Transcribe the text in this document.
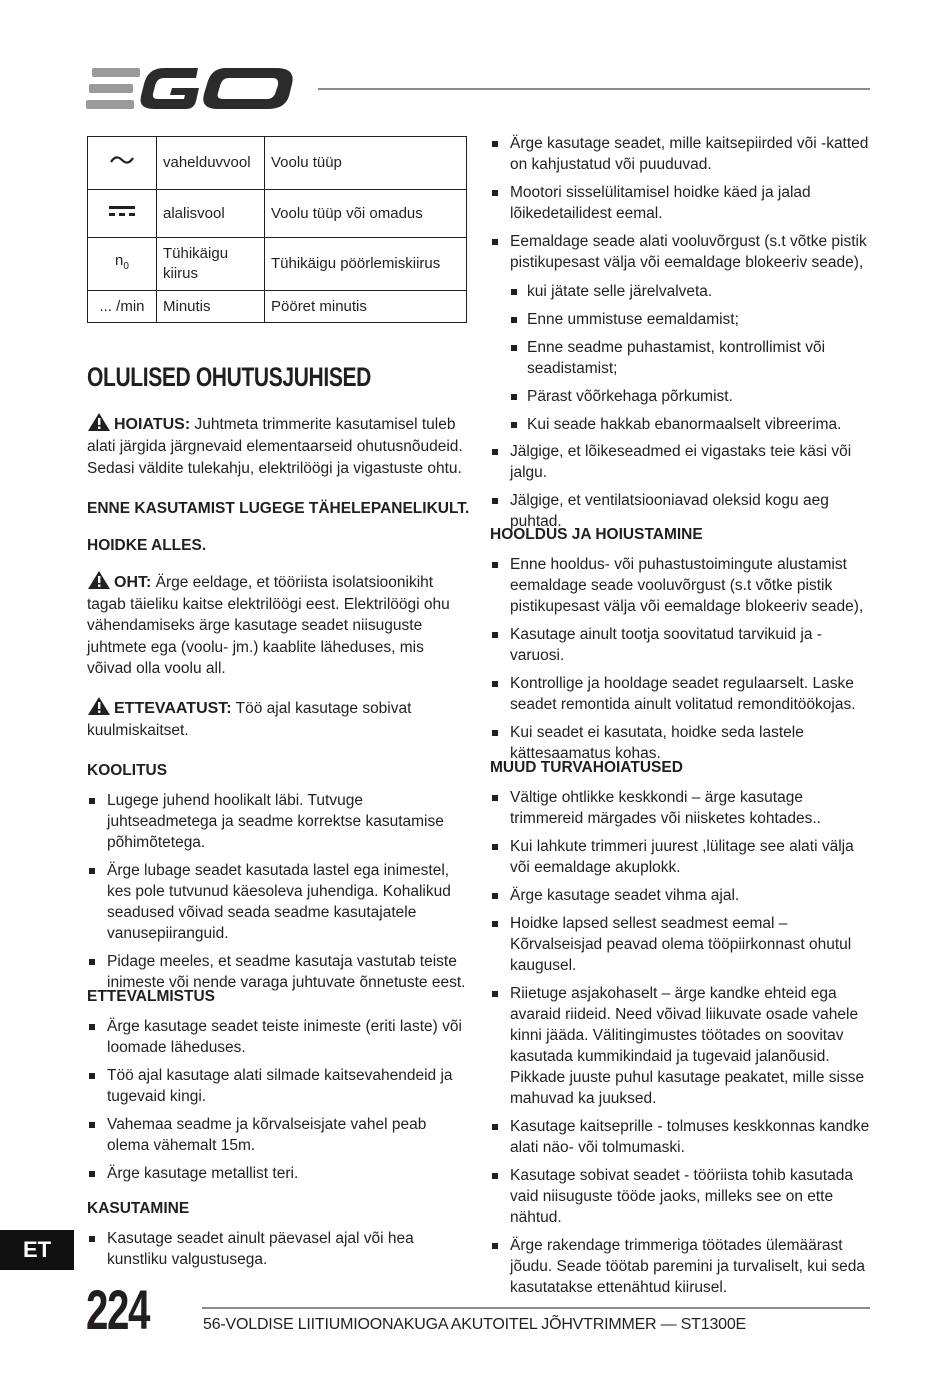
	vahelduvvool	Voolu tüüp
	alalisvool	Voolu tüüp või omadus
$n_0$	Tühikäigu kiirus	Tühikäigu pöörlemiskiirus
... /min	Minutis	Pööret minutis
OLULISED OHUTUSJUHISED
HOIATUS: Juhtmeta trimmerite kasutamisel tuleb alati järgida järgnevaid elementaarseid ohutusnõudeid. Sedasi väldite tulekahju, elektrilöögi ja vigastuste ohtu.
ENNE KASUTAMIST LUGEGE TÄHELEPANELIKULT.
HOIDKE ALLES.
OHT: Ärge eeldage, et tööriista isolatsioonikiht tagab täieliku kaitse elektrilöögi eest. Elektrilöögi ohu vähendamiseks ärge kasutage seadet niisuguste juhtmete ega (voolu- jm.) kaablite läheduses, mis võivad olla voolu all.
ETTEVAATUST: Töö ajal kasutage sobivat kuulmiskaitset.
KOOLITUS
Lugege juhend hoolikalt läbi. Tutvuge juhtseadmetega ja seadme korrektse kasutamise põhimõtetega.
Ärge lubage seadet kasutada lastel ega inimestel, kes pole tutvunud käesoleva juhendiga. Kohalikud seadused võivad seada seadme kasutajatele vanusepiiranguid.
Pidage meeles, et seadme kasutaja vastutab teiste inimeste või nende varaga juhtuvate õnnetuste eest.
ETTEVALMISTUS
Ärge kasutage seadet teiste inimeste (eriti laste) või loomade läheduses.
Töö ajal kasutage alati silmade kaitsevahendeid ja tugevaid kingi.
Vahemaa seadme ja kõrvalseisjate vahel peab olema vähemalt 15m.
Ärge kasutage metallist teri.
KASUTAMINE
Kasutage seadet ainult päevasel ajal või hea kunstliku valgustusega.
Ärge kasutage seadet, mille kaitsepiirded või -katted on kahjustatud või puuduvad.
Mootori sisselülitamisel hoidke käed ja jalad lõikedetailidest eemal.
Eemaldage seade alati vooluvõrgust (s.t võtke pistik pistikupesast välja või eemaldage blokeeriv seade),
kui jätate selle järelvalveta.
Enne ummistuse eemaldamist;
Enne seadme puhastamist, kontrollimist või seadistamist;
Pärast võõrkehaga põrkumist.
Kui seade hakkab ebanormaalselt vibreerima.
Jälgige, et lõikeseadmed ei vigastaks teie käsi või jalgu.
Jälgige, et ventilatsiooniavad oleksid kogu aeg puhtad.
HOOLDUS JA HOIUSTAMINE
Enne hooldus- või puhastustoimingute alustamist eemaldage seade vooluvõrgust (s.t võtke pistik pistikupesast välja või eemaldage blokeeriv seade),
Kasutage ainult tootja soovitatud tarvikuid ja -varuosi.
Kontrollige ja hooldage seadet regulaarselt. Laske seadet remontida ainult volitatud remonditöökojas.
Kui seadet ei kasutata, hoidke seda lastele kättesaamatus kohas.
MUUD TURVAHOIATUSED
Vältige ohtlikke keskkondi – ärge kasutage trimmereid märgades või niisketes kohtades..
Kui lahkute trimmeri juurest ,lülitage see alati välja või eemaldage akuplokk.
Ärge kasutage seadet vihma ajal.
Hoidke lapsed sellest seadmest eemal – Kõrvalseisjad peavad olema tööpiirkonnast ohutul kaugusel.
Riietuge asjakohaselt – ärge kandke ehteid ega avaraid riideid. Need võivad liikuvate osade vahele kinni jääda. Välitingimustes töötades on soovitav kasutada kummikindaid ja tugevaid jalanõusid. Pikkade juuste puhul kasutage peakatet, mille sisse mahuvad ka juuksed.
Kasutage kaitseprille - tolmuses keskkonnas kandke alati näo- või tolmumaski.
Kasutage sobivat seadet - tööriista tohib kasutada vaid niisuguste tööde jaoks, milleks see on ette nähtud.
Ärge rakendage trimmeriga töötades ülemäärast jõudu. Seade töötab paremini ja turvaliselt, kui seda kasutatakse ettenähtud kiirusel.
ET
224	56-VOLDISE LIITIUMIOONAKUGA AKUTOITEL JÕHVTRIMMER — ST1300E
